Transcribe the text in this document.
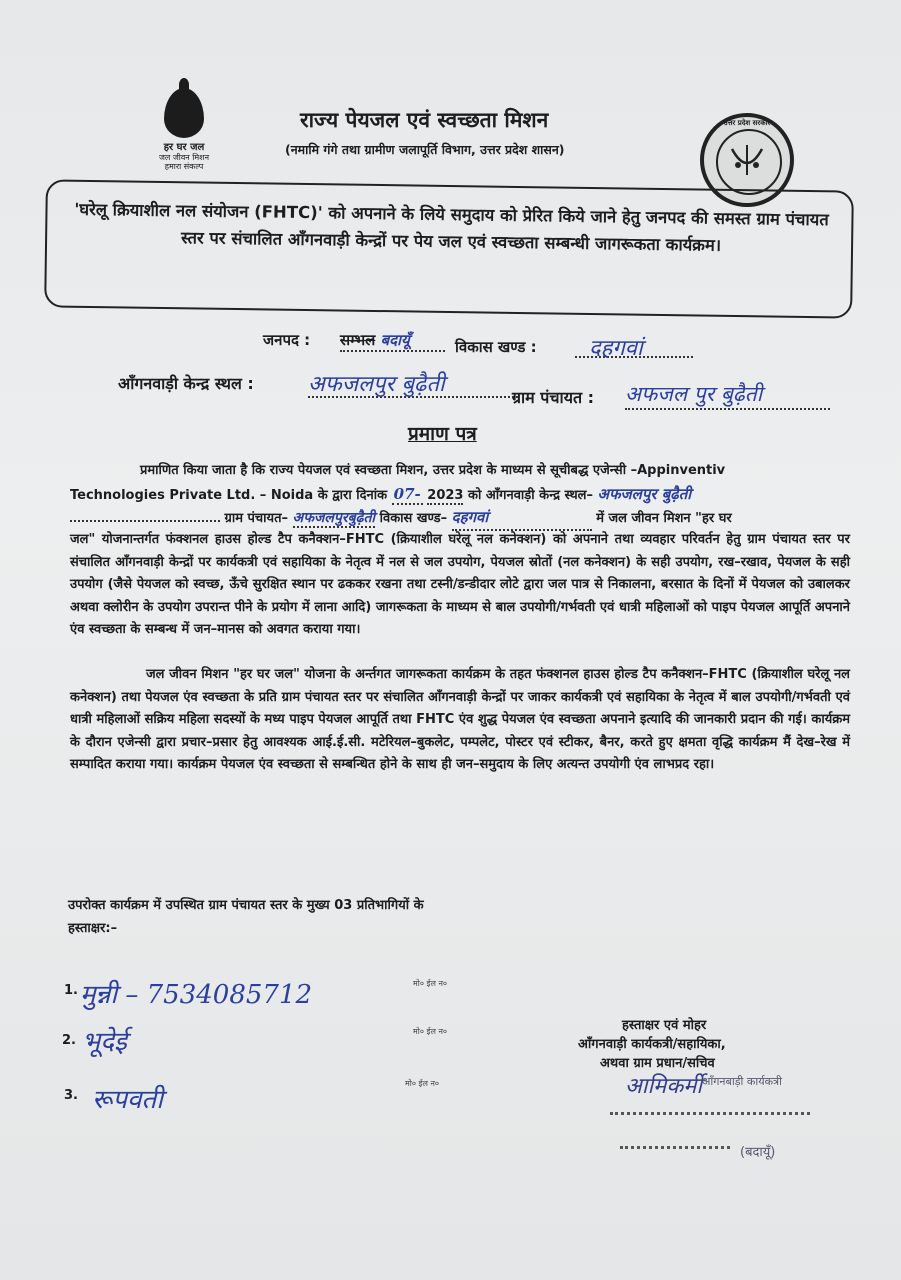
हर घर जल
जल जीवन मिशन
हमारा संकल्प
उत्तर प्रदेश सरकार
राज्य पेयजल एवं स्वच्छता मिशन
(नमामि गंगे तथा ग्रामीण जलापूर्ति विभाग, उत्तर प्रदेश शासन)
'घरेलू क्रियाशील नल संयोजन (FHTC)' को अपनाने के लिये समुदाय को प्रेरित किये जाने हेतु जनपद की समस्त ग्राम पंचायत स्तर पर संचालित आँगनवाड़ी केन्द्रों पर पेय जल एवं स्वच्छता सम्बन्धी जागरूकता कार्यक्रम।
जनपद : सम्भल बदायूँ	विकास खण्ड :	दहगवां
आँगनवाड़ी केन्द्र स्थल : अफजलपुर बुढ़ैती
ग्राम पंचायत : अफजल पुर बुढ़ैती
प्रमाण पत्र
प्रमाणित किया जाता है कि राज्य पेयजल एवं स्वच्छता मिशन, उत्तर प्रदेश के माध्यम से सूचीबद्ध एजेन्सी –Appinventiv
Technologies Private Ltd. – Noida के द्वारा दिनांक 07- 2023 को आँगनवाड़ी केन्द्र स्थल– अफजलपुर बुढ़ैती
ग्राम पंचायत– अफजलपुरबुढ़ैती विकास खण्ड– दहगवां	में जल जीवन मिशन "हर घर
जल" योजनान्तर्गत फंक्शनल हाउस होल्ड टैप कनैक्शन–FHTC (क्रियाशील घरेलू नल कनेक्शन) को अपनाने तथा व्यवहार परिवर्तन हेतु ग्राम पंचायत स्तर पर संचालित आँगनवाड़ी केन्द्रों पर कार्यकत्री एवं सहायिका के नेतृत्व में नल से जल उपयोग, पेयजल स्रोतों (नल कनेक्शन) के सही उपयोग, रख–रखाव, पेयजल के सही उपयोग (जैसे पेयजल को स्वच्छ, ऊँचे सुरक्षित स्थान पर ढककर रखना तथा टस्नी/डन्डीदार लोटे द्वारा जल पात्र से निकालना, बरसात के दिनों में पेयजल को उबालकर अथवा क्लोरीन के उपयोग उपरान्त पीने के प्रयोग में लाना आदि) जागरूकता के माध्यम से बाल उपयोगी/गर्भवती एवं धात्री महिलाओं को पाइप पेयजल आपूर्ति अपनाने एंव स्वच्छता के सम्बन्ध में जन–मानस को अवगत कराया गया।
जल जीवन मिशन "हर घर जल" योजना के अर्न्तगत जागरूकता कार्यक्रम के तहत फंक्शनल हाउस होल्ड टैप कनैक्शन–FHTC (क्रियाशील घरेलू नल कनेक्शन) तथा पेयजल एंव स्वच्छता के प्रति ग्राम पंचायत स्तर पर संचालित आँगनवाड़ी केन्द्रों पर जाकर कार्यकत्री एवं सहायिका के नेतृत्व में बाल उपयोगी/गर्भवती एवं धात्री महिलाओं सक्रिय महिला सदस्यों के मध्य पाइप पेयजल आपूर्ति तथा FHTC एंव शुद्ध पेयजल एंव स्वच्छता अपनाने इत्यादि की जानकारी प्रदान की गई। कार्यक्रम के दौरान एजेन्सी द्वारा प्रचार–प्रसार हेतु आवश्यक आई.ई.सी. मटेरियल–बुकलेट, पम्पलेट, पोस्टर एवं स्टीकर, बैनर, करते हुए क्षमता वृद्धि कार्यक्रम मैं देख–रेख में सम्पादित कराया गया। कार्यक्रम पेयजल एंव स्वच्छता से सम्बन्धित होने के साथ ही जन–समुदाय के लिए अत्यन्त उपयोगी एंव लाभप्रद रहा।
उपरोक्त कार्यक्रम में उपस्थित ग्राम पंचायत स्तर के मुख्य 03 प्रतिभागियों के
हस्ताक्षर:–
1. मुन्नी – 7534085712	मो० ईल न०
2. भूदेई	मो० ईल न०
3. रूपवती
मो० ईल न०
हस्ताक्षर एवं मोहर
आँगनवाड़ी कार्यकत्री/सहायिका,
अथवा ग्राम प्रधान/सचिव
आमिकर्मी आँगनबाड़ी कार्यकत्री
(बदायूँ)
